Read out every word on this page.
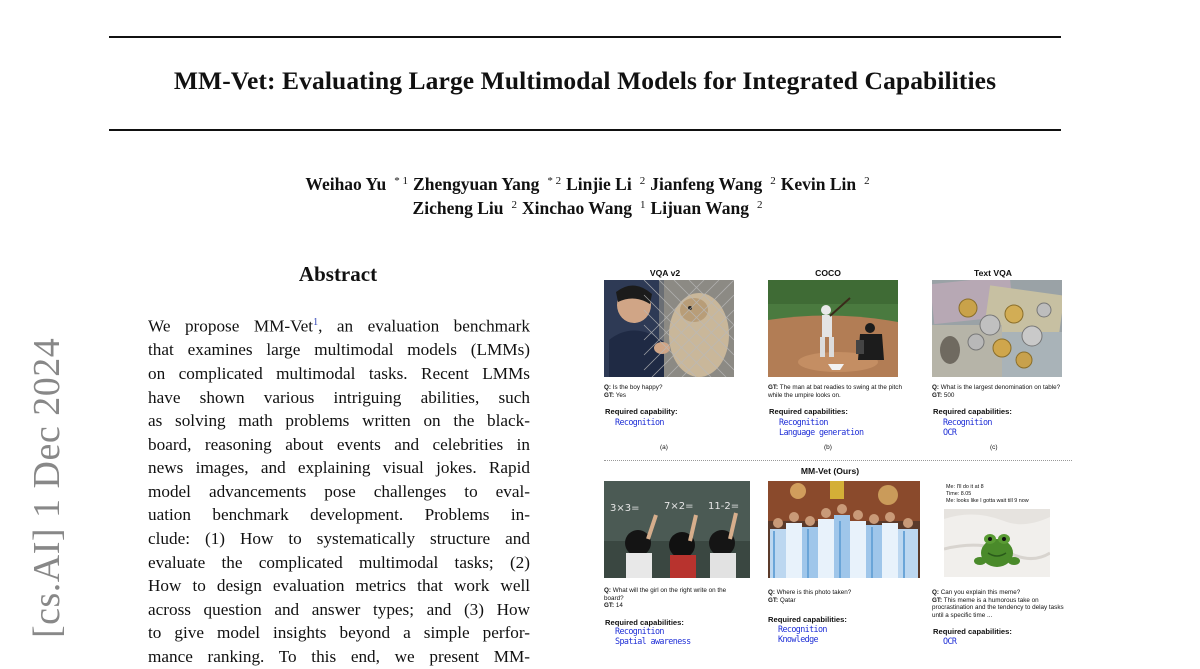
MM-Vet: Evaluating Large Multimodal Models for Integrated Capabilities
Weihao Yu $^{* 1}$ Zhengyuan Yang $^{* 2}$ Linjie Li $^2$ Jianfeng Wang $^2$ Kevin Lin $^2$
Zicheng Liu $^2$ Xinchao Wang $^1$ Lijuan Wang $^2$
[cs.AI] 1 Dec 2024
Abstract
We propose MM-Vet$^1$, an evaluation benchmark
that examines large multimodal models (LMMs)
on complicated multimodal tasks. Recent LMMs
have shown various intriguing abilities, such
as solving math problems written on the black-
board, reasoning about events and celebrities in
news images, and explaining visual jokes. Rapid
model advancements pose challenges to eval-
uation benchmark development. Problems in-
clude: (1) How to systematically structure and
evaluate the complicated multimodal tasks; (2)
How to design evaluation metrics that work well
across question and answer types; and (3) How
to give model insights beyond a simple perfor-
mance ranking. To this end, we present MM-
VQA v2	COCO	Text VQA
Q: Is the boy happy?
GT: Yes
GT: The man at bat readies to swing at the pitch while the umpire looks on.
Q: What is the largest denomination on table?
GT: 500
Required capability:	Required capabilities:	Required capabilities:
Recognition	Recognition
Language generation
Recognition
OCR
(a)	(b)	(c)
MM-Vet (Ours)
3×3= 7×2= 11-2=
Me: I'll do it at 8
Time: 8.05
Me: looks like I gotta wait till 9 now
Q: What will the girl on the right write on the board?
GT: 14
Q: Where is this photo taken?
GT: Qatar
Q: Can you explain this meme?
GT: This meme is a humorous take on procrastination and the tendency to delay tasks until a specific time ...
Required capabilities:	Required capabilities:
Required capabilities:
Recognition
Spatial awareness
Recognition
Knowledge	OCR
